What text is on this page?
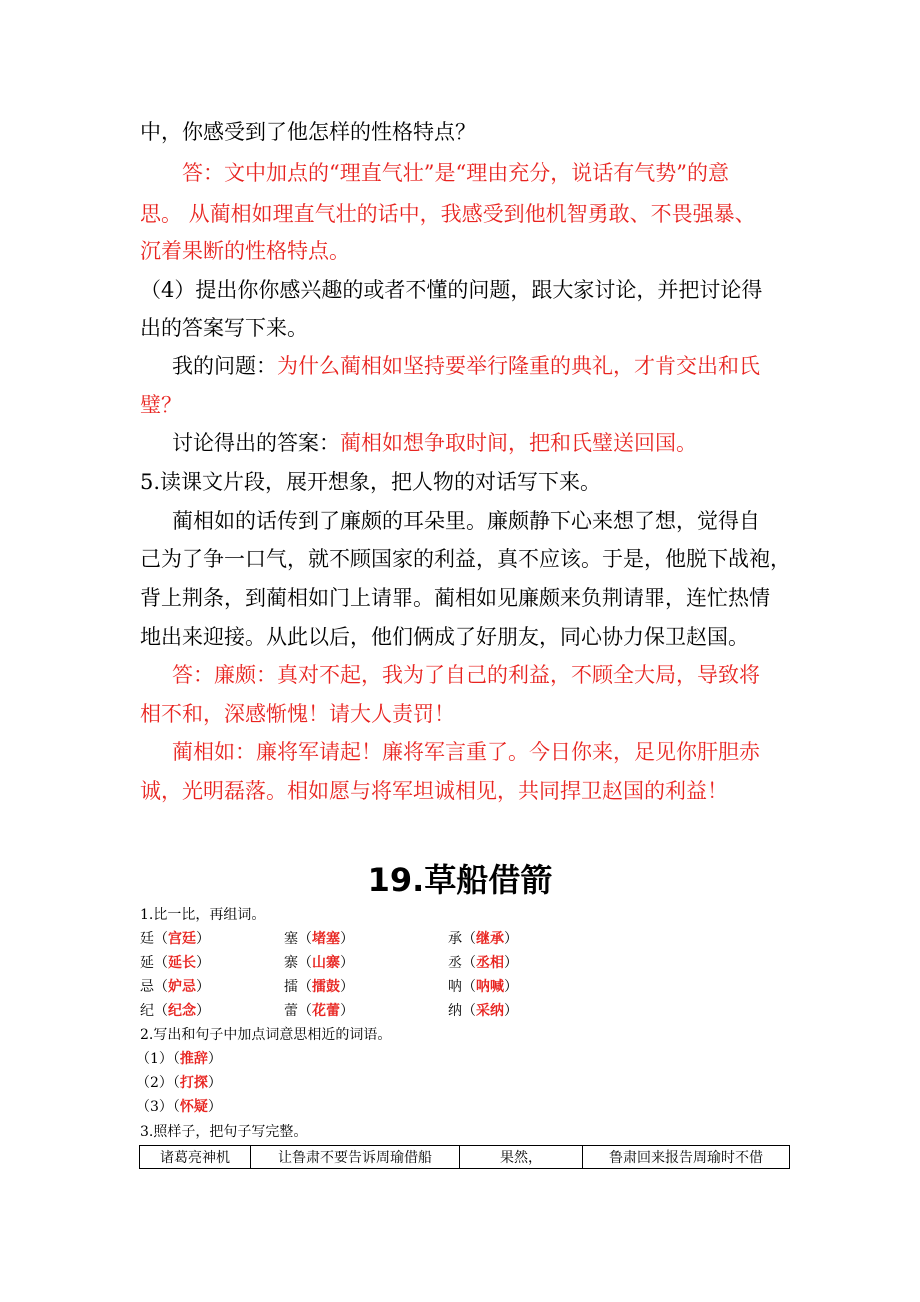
中，你感受到了他怎样的性格特点？
答：文中加点的“理直气壮”是“理由充分，说话有气势”的意
思。 从蔺相如理直气壮的话中，我感受到他机智勇敢、不畏强暴、
沉着果断的性格特点。
（4）提出你你感兴趣的或者不懂的问题，跟大家讨论，并把讨论得
出的答案写下来。
我的问题：为什么蔺相如坚持要举行隆重的典礼，才肯交出和氏
璧？
讨论得出的答案：蔺相如想争取时间，把和氏璧送回国。
5.读课文片段，展开想象，把人物的对话写下来。
蔺相如的话传到了廉颇的耳朵里。廉颇静下心来想了想，觉得自
己为了争一口气，就不顾国家的利益，真不应该。于是，他脱下战袍，
背上荆条，到蔺相如门上请罪。蔺相如见廉颇来负荆请罪，连忙热情
地出来迎接。从此以后，他们俩成了好朋友，同心协力保卫赵国。
答：廉颇：真对不起，我为了自己的利益，不顾全大局，导致将
相不和，深感惭愧！请大人责罚！
蔺相如：廉将军请起！廉将军言重了。今日你来，足见你肝胆赤
诚，光明磊落。相如愿与将军坦诚相见，共同捍卫赵国的利益！
19.草船借箭
1.比一比，再组词。
廷（宫廷）	塞（堵塞）	承（继承）
延（延长）	寨（山寨）	丞（丞相）
忌（妒忌）	擂（擂鼓）	呐（呐喊）
纪（纪念）	蕾（花蕾）	纳（采纳）
2.写出和句子中加点词意思相近的词语。
（1）（推辞）
（2）（打探）
（3）（怀疑）
3.照样子，把句子写完整。
诸葛亮神机	让鲁肃不要告诉周瑜借船	果然，	鲁肃回来报告周瑜时不借
